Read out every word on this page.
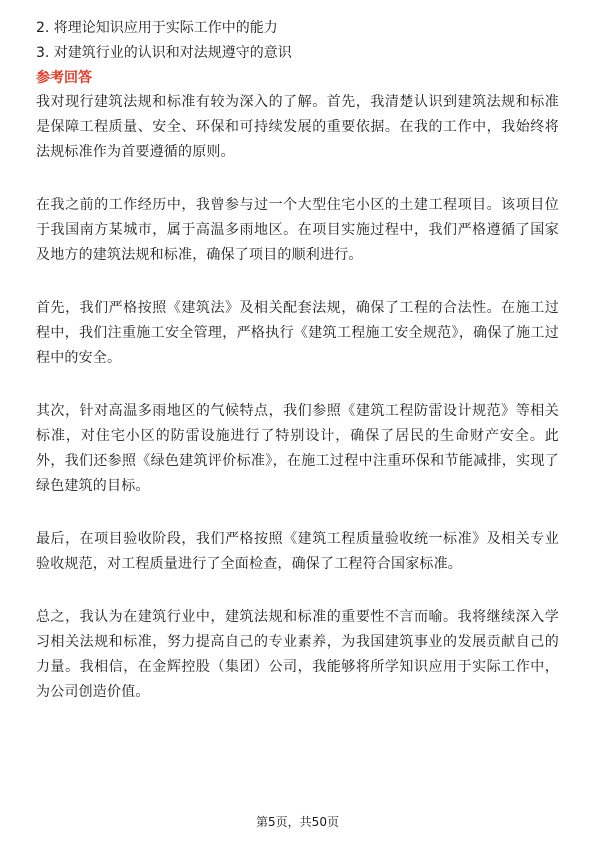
2. 将理论知识应用于实际工作中的能力
3. 对建筑行业的认识和对法规遵守的意识
参考回答
我对现行建筑法规和标准有较为深入的了解。首先，我清楚认识到建筑法规和标准是保障工程质量、安全、环保和可持续发展的重要依据。在我的工作中，我始终将法规标准作为首要遵循的原则。
在我之前的工作经历中，我曾参与过一个大型住宅小区的土建工程项目。该项目位于我国南方某城市，属于高温多雨地区。在项目实施过程中，我们严格遵循了国家及地方的建筑法规和标准，确保了项目的顺利进行。
首先，我们严格按照《建筑法》及相关配套法规，确保了工程的合法性。在施工过程中，我们注重施工安全管理，严格执行《建筑工程施工安全规范》，确保了施工过程中的安全。
其次，针对高温多雨地区的气候特点，我们参照《建筑工程防雷设计规范》等相关标准，对住宅小区的防雷设施进行了特别设计，确保了居民的生命财产安全。此外，我们还参照《绿色建筑评价标准》，在施工过程中注重环保和节能减排，实现了绿色建筑的目标。
最后，在项目验收阶段，我们严格按照《建筑工程质量验收统一标准》及相关专业验收规范，对工程质量进行了全面检查，确保了工程符合国家标准。
总之，我认为在建筑行业中，建筑法规和标准的重要性不言而喻。我将继续深入学习相关法规和标准，努力提高自己的专业素养，为我国建筑事业的发展贡献自己的力量。我相信，在金辉控股（集团）公司，我能够将所学知识应用于实际工作中，为公司创造价值。
第5页，共50页
